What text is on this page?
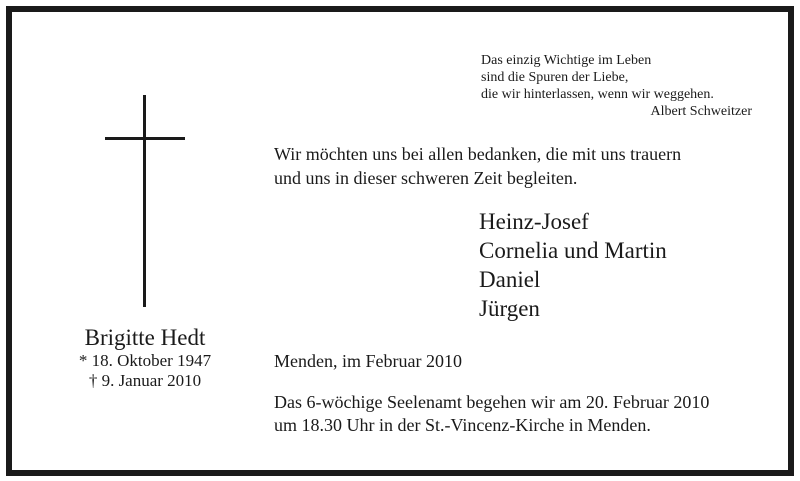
Brigitte Hedt
* 18. Oktober 1947
† 9. Januar 2010
Das einzig Wichtige im Leben
sind die Spuren der Liebe,
die wir hinterlassen, wenn wir weggehen.
Albert Schweitzer
Wir möchten uns bei allen bedanken, die mit uns trauern
und uns in dieser schweren Zeit begleiten.
Heinz-Josef
Cornelia und Martin
Daniel
Jürgen
Menden, im Februar 2010
Das 6-wöchige Seelenamt begehen wir am 20. Februar 2010
um 18.30 Uhr in der St.-Vincenz-Kirche in Menden.
